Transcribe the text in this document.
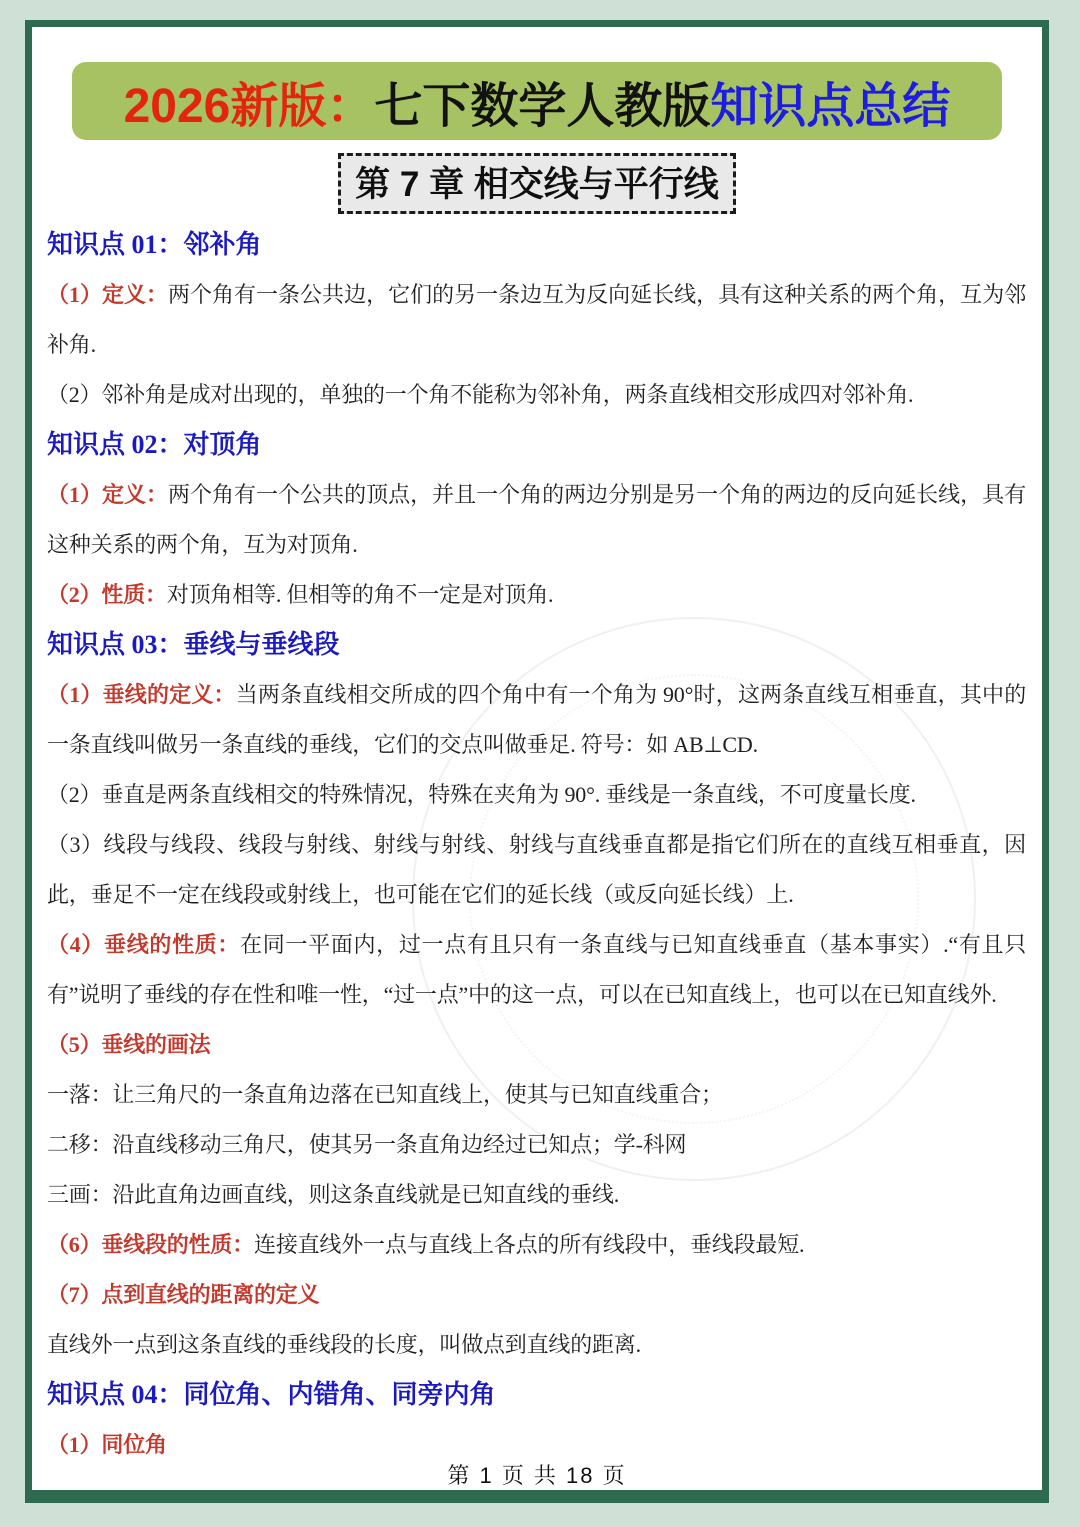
2026新版： 七下数学人教版 知识点总结
第 7 章 相交线与平行线
知识点 01：邻补角

（1）定义：两个角有一条公共边，它们的另一条边互为反向延长线，具有这种关系的两个角，互为邻补角.

（2）邻补角是成对出现的，单独的一个角不能称为邻补角，两条直线相交形成四对邻补角.

知识点 02：对顶角

（1）定义：两个角有一个公共的顶点，并且一个角的两边分别是另一个角的两边的反向延长线，具有这种关系的两个角，互为对顶角.

（2）性质：对顶角相等. 但相等的角不一定是对顶角.

知识点 03：垂线与垂线段

（1）垂线的定义：当两条直线相交所成的四个角中有一个角为 90°时，这两条直线互相垂直，其中的一条直线叫做另一条直线的垂线，它们的交点叫做垂足. 符号：如 AB⊥CD.

（2）垂直是两条直线相交的特殊情况，特殊在夹角为 90°. 垂线是一条直线，不可度量长度.

（3）线段与线段、线段与射线、射线与射线、射线与直线垂直都是指它们所在的直线互相垂直，因此，垂足不一定在线段或射线上，也可能在它们的延长线（或反向延长线）上.

（4）垂线的性质：在同一平面内，过一点有且只有一条直线与已知直线垂直（基本事实）.“有且只有”说明了垂线的存在性和唯一性，“过一点”中的这一点，可以在已知直线上，也可以在已知直线外.

（5）垂线的画法

一落：让三角尺的一条直角边落在已知直线上，使其与已知直线重合；

二移：沿直线移动三角尺，使其另一条直角边经过已知点；学-科网

三画：沿此直角边画直线，则这条直线就是已知直线的垂线.

（6）垂线段的性质：连接直线外一点与直线上各点的所有线段中，垂线段最短.

（7）点到直线的距离的定义

直线外一点到这条直线的垂线段的长度，叫做点到直线的距离.

知识点 04：同位角、内错角、同旁内角

（1）同位角

第 1 页 共 18 页
